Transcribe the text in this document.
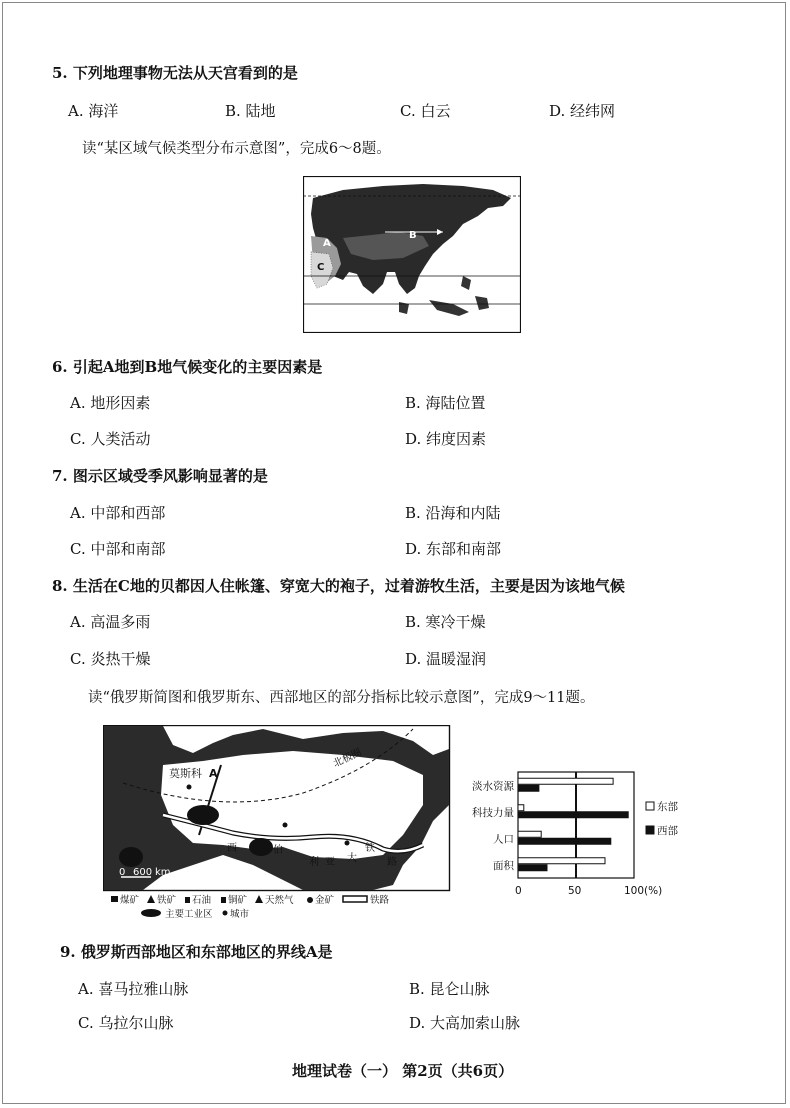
5. 下列地理事物无法从天宫看到的是
A. 海洋	B. 陆地	C. 白云	D. 经纬网
读“某区域气候类型分布示意图”，完成6～8题。
A
B
C
6. 引起A地到B地气候变化的主要因素是
A. 地形因素	B. 海陆位置
C. 人类活动	D. 纬度因素
7. 图示区域受季风影响显著的是
A. 中部和西部	B. 沿海和内陆
C. 中部和南部	D. 东部和南部
8. 生活在C地的贝都因人住帐篷、穿宽大的袍子，过着游牧生活，主要是因为该地气候
A. 高温多雨	B. 寒冷干燥
C. 炎热干燥	D. 温暖湿润
读“俄罗斯简图和俄罗斯东、西部地区的部分指标比较示意图”，完成9～11题。
0 600 km
莫斯科 A
北极圈
西	伯
利 亚 大
铁
路
煤矿 铁矿 石油 铜矿 天然气 金矿	铁路
主要工业区 城市
淡水资源
科技力量
人口
面积
0	50	100(%)
东部
西部
9. 俄罗斯西部地区和东部地区的界线A是
A. 喜马拉雅山脉	B. 昆仑山脉
C. 乌拉尔山脉	D. 大高加索山脉
地理试卷（一） 第2页（共6页）
